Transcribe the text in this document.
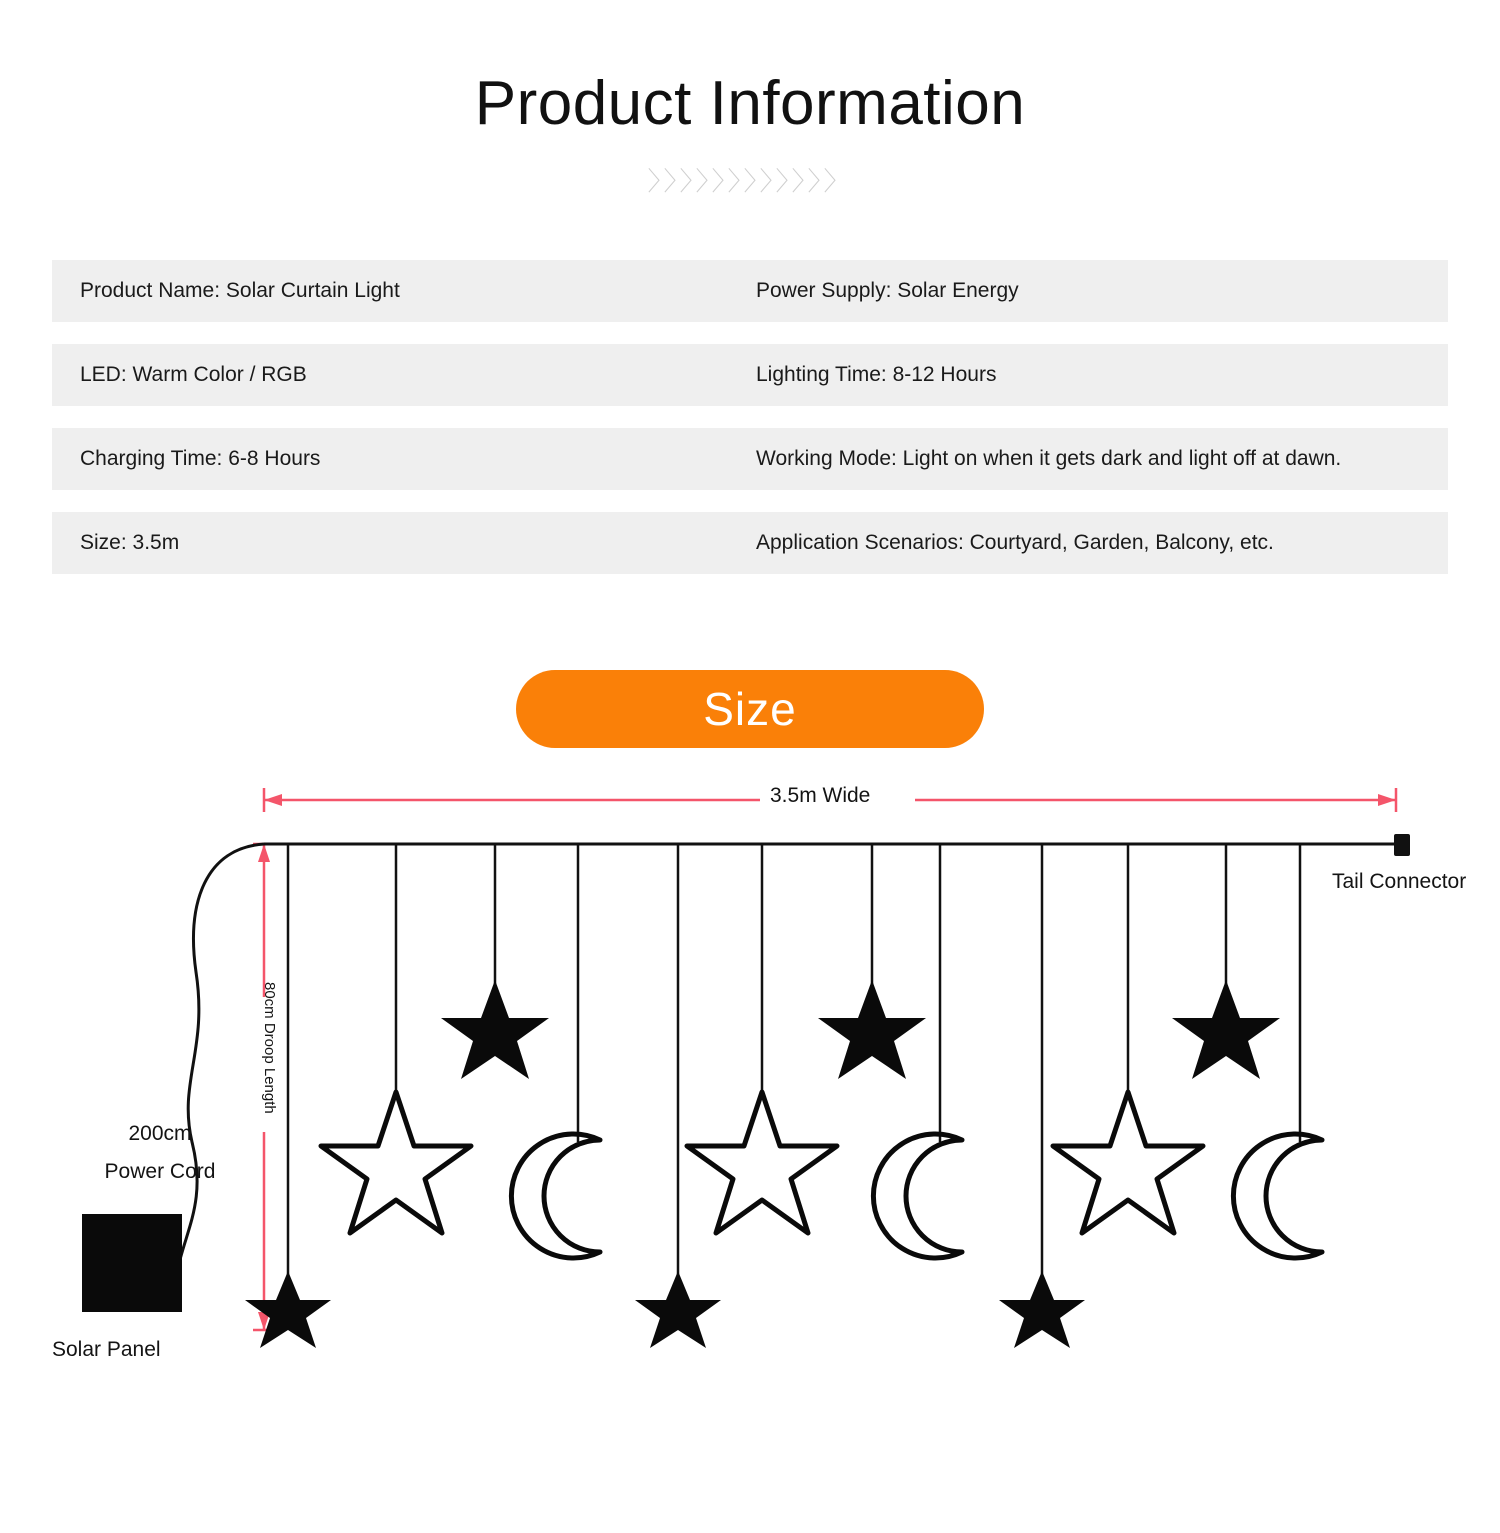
Product Information
〉〉〉〉〉〉〉〉〉〉〉〉
Product Name: Solar Curtain Light	Power Supply: Solar Energy
LED: Warm Color / RGB	Lighting Time: 8-12 Hours
Charging Time: 6-8 Hours	Working Mode: Light on when it gets dark and light off at dawn.
Size: 3.5m	Application Scenarios: Courtyard, Garden, Balcony, etc.
Size
3.5m Wide
80cm Droop Length
Tail Connector
200cm
Power Cord
Solar Panel
